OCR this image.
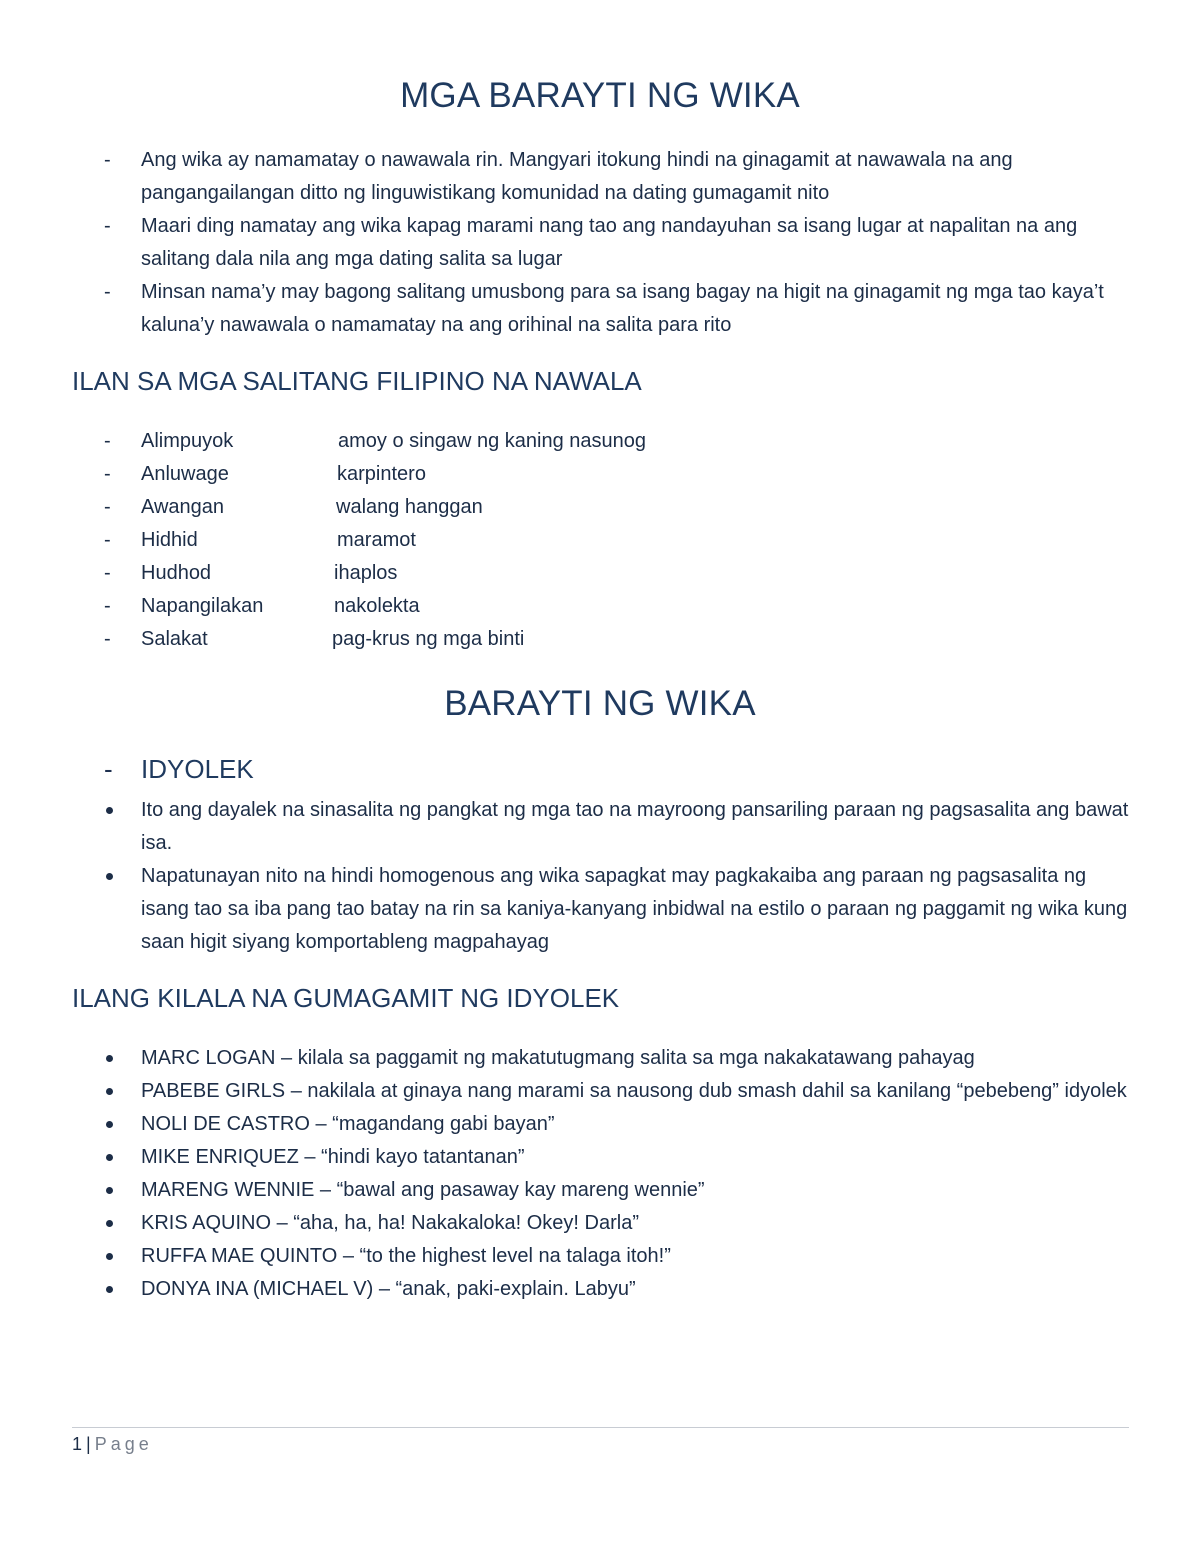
MGA BARAYTI NG WIKA
-	Ang wika ay namamatay o nawawala rin. Mangyari itokung hindi na ginagamit at nawawala na ang pangangailangan ditto ng linguwistikang komunidad na dating gumagamit nito
-	Maari ding namatay ang wika kapag marami nang tao ang nandayuhan sa isang lugar at napalitan na ang salitang dala nila ang mga dating salita sa lugar
-	Minsan nama’y may bagong salitang umusbong para sa isang bagay na higit na ginagamit ng mga tao kaya’t kaluna’y nawawala o namamatay na ang orihinal na salita para rito
ILAN SA MGA SALITANG FILIPINO NA NAWALA
-	Alimpuyok	amoy o singaw ng kaning nasunog
-	Anluwage	karpintero
-	Awangan	walang hanggan
-	Hidhid	maramot
-	Hudhod	ihaplos
-	Napangilakan	nakolekta
-	Salakat	pag-krus ng mga binti
BARAYTI NG WIKA
-	IDYOLEK
Ito ang dayalek na sinasalita ng pangkat ng mga tao na mayroong pansariling paraan ng pagsasalita ang bawat isa.
Napatunayan nito na hindi homogenous ang wika sapagkat may pagkakaiba ang paraan ng pagsasalita ng isang tao sa iba pang tao batay na rin sa kaniya-kanyang inbidwal na estilo o paraan ng paggamit ng wika kung saan higit siyang komportableng magpahayag
ILANG KILALA NA GUMAGAMIT NG IDYOLEK
MARC LOGAN – kilala sa paggamit ng makatutugmang salita sa mga nakakatawang pahayag
PABEBE GIRLS – nakilala at ginaya nang marami sa nausong dub smash dahil sa kanilang “pebebeng” idyolek
NOLI DE CASTRO – “magandang gabi bayan”
MIKE ENRIQUEZ – “hindi kayo tatantanan”
MARENG WENNIE – “bawal ang pasaway kay mareng wennie”
KRIS AQUINO – “aha, ha, ha! Nakakaloka! Okey! Darla”
RUFFA MAE QUINTO – “to the highest level na talaga itoh!”
DONYA INA (MICHAEL V) – “anak, paki-explain. Labyu”
1 | Page
